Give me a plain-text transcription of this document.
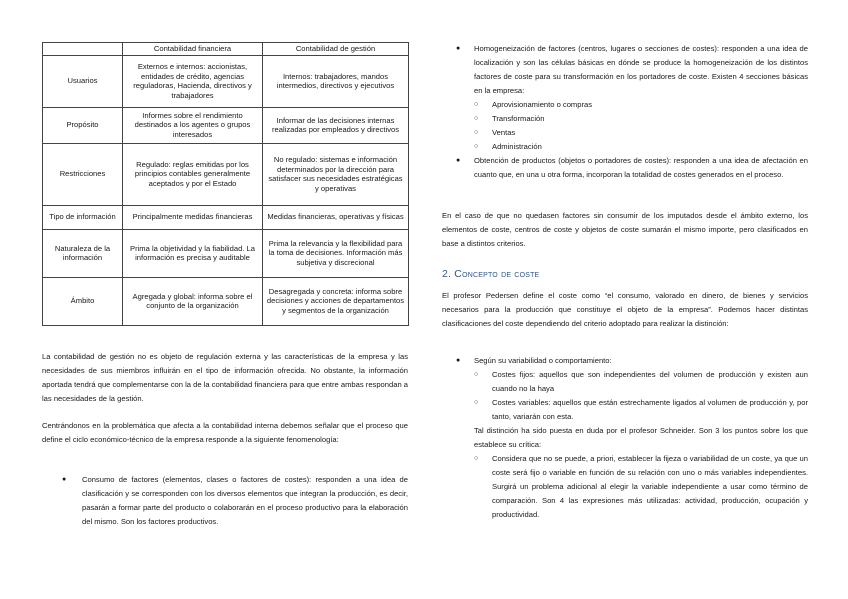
	Contabilidad financiera	Contabilidad de gestión
Usuarios	Externos e internos: accionistas, entidades de crédito, agencias reguladoras, Hacienda, directivos y trabajadores	Internos: trabajadores, mandos intermedios, directivos y ejecutivos
Propósito	Informes sobre el rendimiento destinados a los agentes o grupos interesados	Informar de las decisiones internas realizadas por empleados y directivos
Restricciones	Regulado: reglas emitidas por los principios contables generalmente aceptados y por el Estado	No regulado: sistemas e información determinados por la dirección para satisfacer sus necesidades estratégicas y operativas
Tipo de información	Principalmente medidas financieras	Medidas financieras, operativas y físicas
Naturaleza de la información	Prima la objetividad y la fiabilidad. La información es precisa y auditable	Prima la relevancia y la flexibilidad para la toma de decisiones. Información más subjetiva y discrecional
Ámbito	Agregada y global: informa sobre el conjunto de la organización	Desagregada y concreta: informa sobre decisiones y acciones de departamentos y segmentos de la organización

La contabilidad de gestión no es objeto de regulación externa y las características de la empresa y las necesidades de sus miembros influirán en el tipo de información ofrecida. No obstante, la información aportada tendrá que complementarse con la de la contabilidad financiera para que entre ambas respondan a las necesidades de la gestión.

Centrándonos en la problemática que afecta a la contabilidad interna debemos señalar que el proceso que define el ciclo económico-técnico de la empresa responde a la siguiente fenomenología:

● Consumo de factores (elementos, clases o factores de costes): responden a una idea de clasificación y se corresponden con los diversos elementos que integran la producción, es decir, pasarán a formar parte del producto o colaborarán en el proceso productivo para la elaboración del mismo. Son los factores productivos.
● Homogeneización de factores (centros, lugares o secciones de costes): responden a una idea de localización y son las células básicas en dónde se produce la homogeneización de los distintos factores de coste para su transformación en los portadores de coste. Existen 4 secciones básicas en la empresa:
○ Aprovisionamiento o compras
○ Transformación
○ Ventas
○ Administración
● Obtención de productos (objetos o portadores de costes): responden a una idea de afectación en cuanto que, en una u otra forma, incorporan la totalidad de costes generados en el proceso.

En el caso de que no quedasen factores sin consumir de los imputados desde el ámbito externo, los elementos de coste, centros de coste y objetos de coste sumarán el mismo importe, pero clasificados en base a distintos criterios.

2. Concepto de coste

El profesor Pedersen define el coste como “el consumo, valorado en dinero, de bienes y servicios necesarios para la producción que constituye el objeto de la empresa”. Podemos hacer distintas clasificaciones del coste dependiendo del criterio adoptado para realizar la distinción:

● Según su variabilidad o comportamiento:
○ Costes fijos: aquellos que son independientes del volumen de producción y existen aun cuando no la haya
○ Costes variables: aquellos que están estrechamente ligados al volumen de producción y, por tanto, variarán con esta.
Tal distinción ha sido puesta en duda por el profesor Schneider. Son 3 los puntos sobre los que establece su crítica:
○ Considera que no se puede, a priori, establecer la fijeza o variabilidad de un coste, ya que un coste será fijo o variable en función de su relación con uno o más variables independientes. Surgirá un problema adicional al elegir la variable independiente a usar como término de comparación. Son 4 las expresiones más utilizadas: actividad, producción, ocupación y productividad.
